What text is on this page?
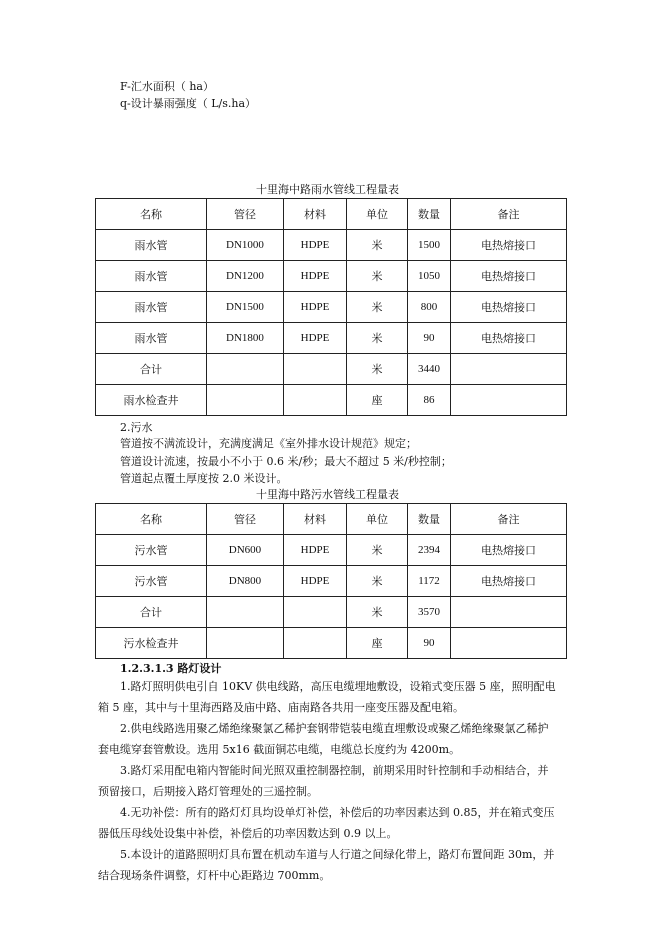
F-汇水面积（ ha）
q-设计暴雨强度（ L/s.ha）
十里海中路雨水管线工程量表
名称	管径	材料	单位	数量	备注
雨水管	DN1000	HDPE	米	1500	电热熔接口
雨水管	DN1200	HDPE	米	1050	电热熔接口
雨水管	DN1500	HDPE	米	800	电热熔接口
雨水管	DN1800	HDPE	米	90	电热熔接口
合计			米	3440	
雨水检查井			座	86	
2.污水
管道按不满流设计，充满度满足《室外排水设计规范》规定；
管道设计流速，按最小不小于 0.6 米/秒；最大不超过 5 米/秒控制；
管道起点覆土厚度按 2.0 米设计。
十里海中路污水管线工程量表
名称	管径	材料	单位	数量	备注
污水管	DN600	HDPE	米	2394	电热熔接口
污水管	DN800	HDPE	米	1172	电热熔接口
合计			米	3570	
污水检查井			座	90	
1.2.3.1.3 路灯设计
1.路灯照明供电引自 10KV 供电线路，高压电缆埋地敷设，设箱式变压器 5 座，照明配电箱 5 座，其中与十里海西路及庙中路、庙南路各共用一座变压器及配电箱。
2.供电线路选用聚乙烯绝缘聚氯乙稀护套钢带铠装电缆直埋敷设或聚乙烯绝缘聚氯乙稀护套电缆穿套管敷设。选用 5x16 截面铜芯电缆，电缆总长度约为 4200m。
3.路灯采用配电箱内智能时间光照双重控制器控制，前期采用时针控制和手动相结合，并预留接口，后期接入路灯管理处的三遥控制。
4.无功补偿：所有的路灯灯具均设单灯补偿，补偿后的功率因素达到 0.85，并在箱式变压器低压母线处设集中补偿，补偿后的功率因数达到 0.9 以上。
5.本设计的道路照明灯具布置在机动车道与人行道之间绿化带上，路灯布置间距 30m，并结合现场条件调整，灯杆中心距路边 700mm。
